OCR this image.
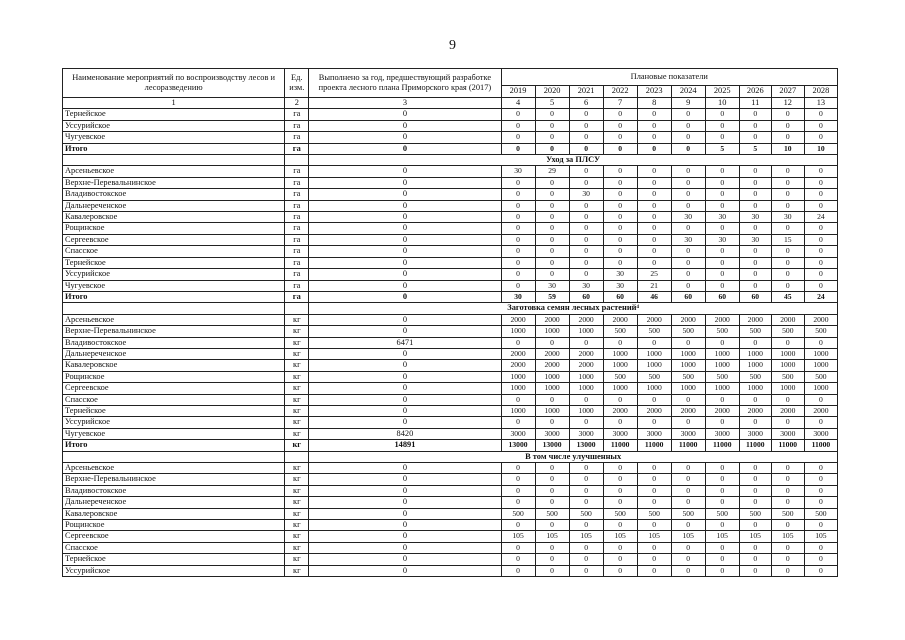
9
Наименование мероприятий по воспроизводству лесов и лесоразведению	Ед. изм.	Выполнено за год, предшествующий разработке проекта лесного плана Приморского края (2017)	Плановые показатели									
			2019	2020	2021	2022	2023	2024	2025	2026	2027	2028
1	2	3	4	5	6	7	8	9	10	11	12	13
Тернейское	га	0	0	0	0	0	0	0	0	0	0	0
Уссурийское	га	0	0	0	0	0	0	0	0	0	0	0
Чугуевское	га	0	0	0	0	0	0	0	0	0	0	0
Итого	га	0	0	0	0	0	0	0	5	5	10	10
		Уход за ПЛСУ										
Арсеньевское	га	0	30	29	0	0	0	0	0	0	0	0
Верхне-Перевальнинское	га	0	0	0	0	0	0	0	0	0	0	0
Владивостокское	га	0	0	0	30	0	0	0	0	0	0	0
Дальнереченское	га	0	0	0	0	0	0	0	0	0	0	0
Кавалеровское	га	0	0	0	0	0	0	30	30	30	30	24
Рощинское	га	0	0	0	0	0	0	0	0	0	0	0
Сергеевское	га	0	0	0	0	0	0	30	30	30	15	0
Спасское	га	0	0	0	0	0	0	0	0	0	0	0
Тернейское	га	0	0	0	0	0	0	0	0	0	0	0
Уссурийское	га	0	0	0	0	30	25	0	0	0	0	0
Чугуевское	га	0	0	30	30	30	21	0	0	0	0	0
Итого	га	0	30	59	60	60	46	60	60	60	45	24
		Заготовка семян лесных растений⁴										
Арсеньевское	кг	0	2000	2000	2000	2000	2000	2000	2000	2000	2000	2000
Верхне-Перевальнинское	кг	0	1000	1000	1000	500	500	500	500	500	500	500
Владивостокское	кг	6471	0	0	0	0	0	0	0	0	0	0
Дальнереченское	кг	0	2000	2000	2000	1000	1000	1000	1000	1000	1000	1000
Кавалеровское	кг	0	2000	2000	2000	1000	1000	1000	1000	1000	1000	1000
Рощинское	кг	0	1000	1000	1000	500	500	500	500	500	500	500
Сергеевское	кг	0	1000	1000	1000	1000	1000	1000	1000	1000	1000	1000
Спасское	кг	0	0	0	0	0	0	0	0	0	0	0
Тернейское	кг	0	1000	1000	1000	2000	2000	2000	2000	2000	2000	2000
Уссурийское	кг	0	0	0	0	0	0	0	0	0	0	0
Чугуевское	кг	8420	3000	3000	3000	3000	3000	3000	3000	3000	3000	3000
Итого	кг	14891	13000	13000	13000	11000	11000	11000	11000	11000	11000	11000
		В том числе улучшенных										
Арсеньевское	кг	0	0	0	0	0	0	0	0	0	0	0
Верхне-Перевальнинское	кг	0	0	0	0	0	0	0	0	0	0	0
Владивостокское	кг	0	0	0	0	0	0	0	0	0	0	0
Дальнереченское	кг	0	0	0	0	0	0	0	0	0	0	0
Кавалеровское	кг	0	500	500	500	500	500	500	500	500	500	500
Рощинское	кг	0	0	0	0	0	0	0	0	0	0	0
Сергеевское	кг	0	105	105	105	105	105	105	105	105	105	105
Спасское	кг	0	0	0	0	0	0	0	0	0	0	0
Тернейское	кг	0	0	0	0	0	0	0	0	0	0	0
Уссурийское	кг	0	0	0	0	0	0	0	0	0	0	0
